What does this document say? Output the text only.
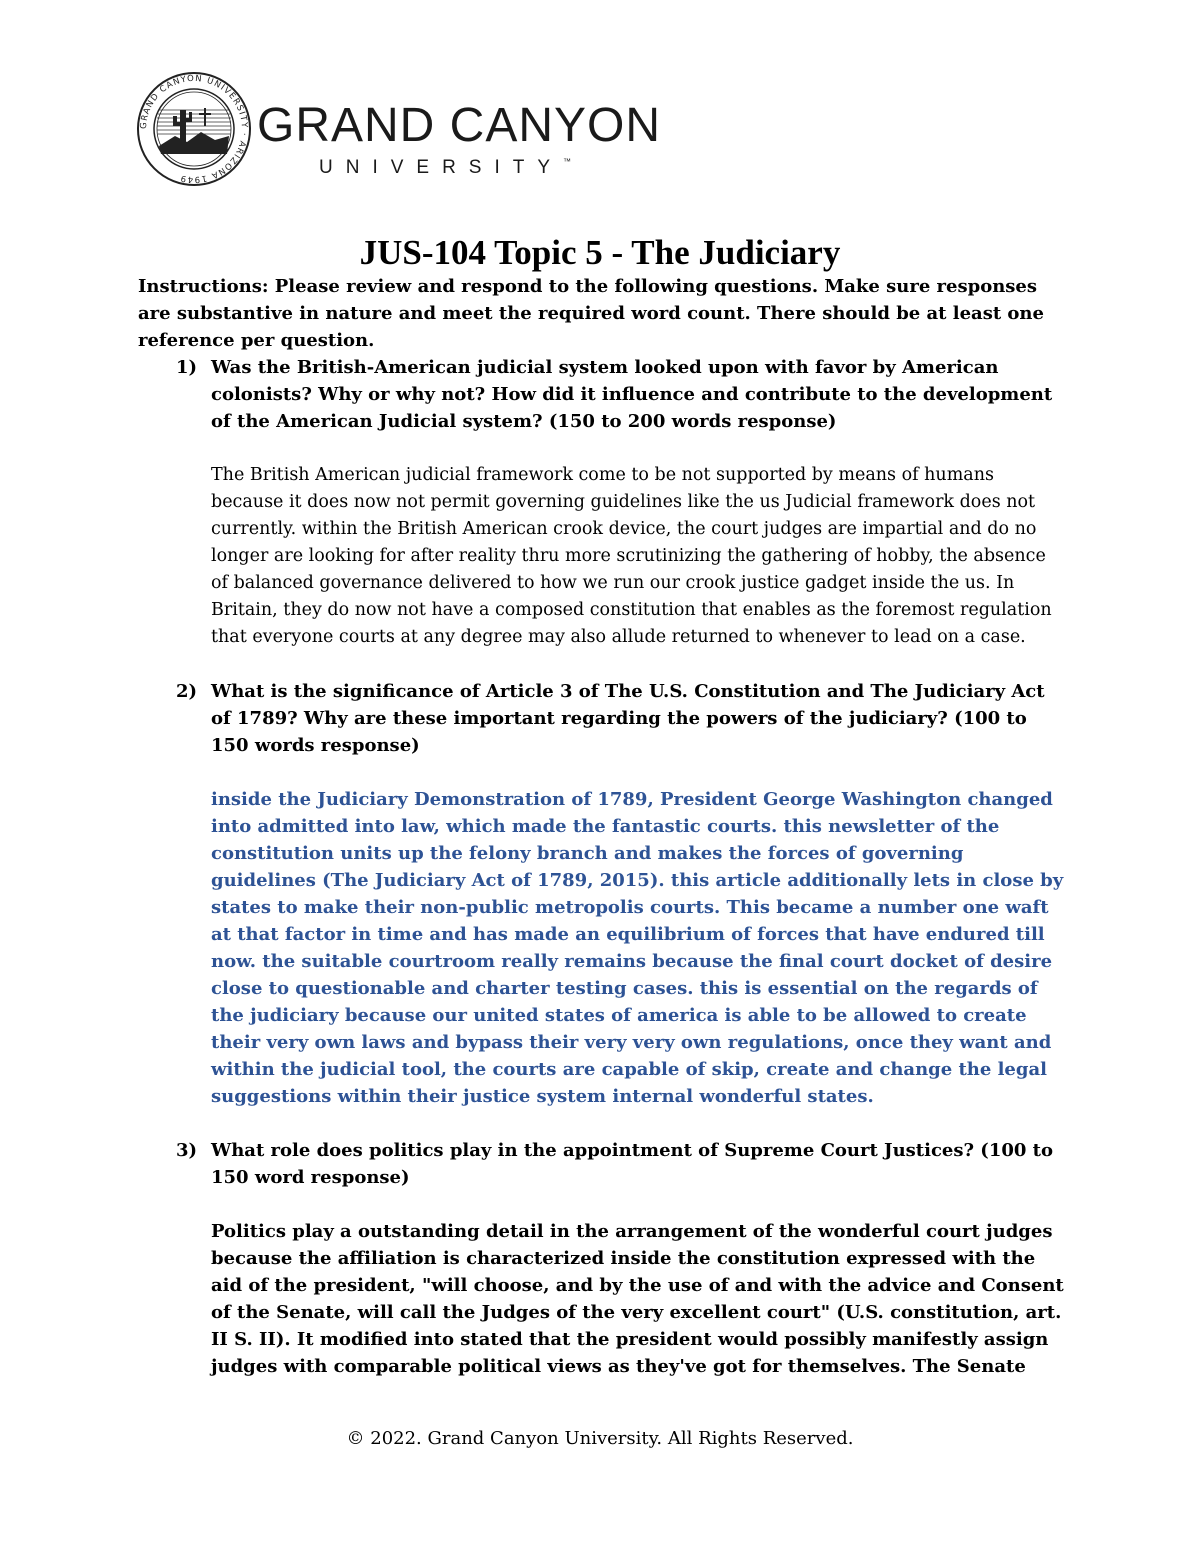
GRAND CANYON UNIVERSITY · ARIZONA 1949
GRAND CANYON
UNIVERSITY™
JUS-104 Topic 5 - The Judiciary

Instructions: Please review and respond to the following questions. Make sure responses are substantive in nature and meet the required word count. There should be at least one reference per question.

1) Was the British-American judicial system looked upon with favor by American colonists? Why or why not? How did it influence and contribute to the development of the American Judicial system? (150 to 200 words response)
The British American judicial framework come to be not supported by means of humans because it does now not permit governing guidelines like the us Judicial framework does not currently. within the British American crook device, the court judges are impartial and do no longer are looking for after reality thru more scrutinizing the gathering of hobby, the absence of balanced governance delivered to how we run our crook justice gadget inside the us. In Britain, they do now not have a composed constitution that enables as the foremost regulation that everyone courts at any degree may also allude returned to whenever to lead on a case.
2) What is the significance of Article 3 of The U.S. Constitution and The Judiciary Act of 1789? Why are these important regarding the powers of the judiciary? (100 to 150 words response)
inside the Judiciary Demonstration of 1789, President George Washington changed into admitted into law, which made the fantastic courts. this newsletter of the constitution units up the felony branch and makes the forces of governing guidelines (The Judiciary Act of 1789, 2015). this article additionally lets in close by states to make their non-public metropolis courts. This became a number one waft at that factor in time and has made an equilibrium of forces that have endured till now. the suitable courtroom really remains because the final court docket of desire close to questionable and charter testing cases. this is essential on the regards of the judiciary because our united states of america is able to be allowed to create their very own laws and bypass their very very own regulations, once they want and within the judicial tool, the courts are capable of skip, create and change the legal suggestions within their justice system internal wonderful states.
3) What role does politics play in the appointment of Supreme Court Justices? (100 to 150 word response)
Politics play a outstanding detail in the arrangement of the wonderful court judges because the affiliation is characterized inside the constitution expressed with the aid of the president, "will choose, and by the use of and with the advice and Consent of the Senate, will call the Judges of the very excellent court" (U.S. constitution, art. II S. II). It modified into stated that the president would possibly manifestly assign judges with comparable political views as they've got for themselves. The Senate
© 2022. Grand Canyon University. All Rights Reserved.
